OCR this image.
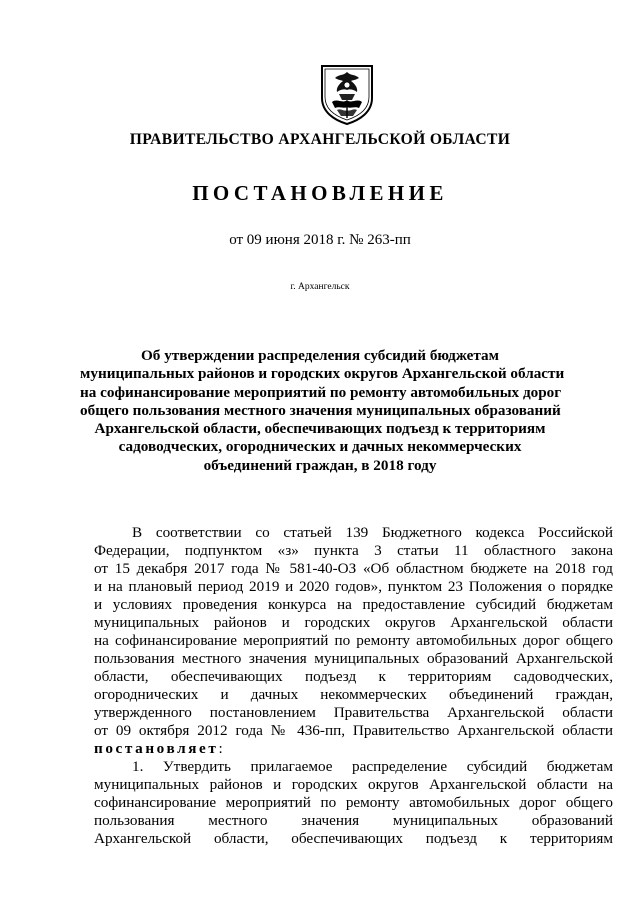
ПРАВИТЕЛЬСТВО АРХАНГЕЛЬСКОЙ ОБЛАСТИ
ПОСТАНОВЛЕНИЕ
от 09 июня 2018 г. № 263-пп
г. Архангельск
Об утверждении распределения субсидий бюджетам
муниципальных районов и городских округов Архангельской области
на софинансирование мероприятий по ремонту автомобильных дорог
общего пользования местного значения муниципальных образований
Архангельской области, обеспечивающих подъезд к территориям
садоводческих, огороднических и дачных некоммерческих
объединений граждан, в 2018 году
В соответствии со статьей 139 Бюджетного кодекса Российской
Федерации, подпунктом «з» пункта 3 статьи 11 областного закона
от 15 декабря 2017 года № 581-40-ОЗ «Об областном бюджете на 2018 год
и на плановый период 2019 и 2020 годов», пунктом 23 Положения о порядке
и условиях проведения конкурса на предоставление субсидий бюджетам
муниципальных районов и городских округов Архангельской области
на софинансирование мероприятий по ремонту автомобильных дорог общего
пользования местного значения муниципальных образований Архангельской
области, обеспечивающих подъезд к территориям садоводческих,
огороднических и дачных некоммерческих объединений граждан,
утвержденного постановлением Правительства Архангельской области
от 09 октября 2012 года № 436-пп, Правительство Архангельской области
постановляет:
1. Утвердить прилагаемое распределение субсидий бюджетам
муниципальных районов и городских округов Архангельской области на
софинансирование мероприятий по ремонту автомобильных дорог общего
пользования местного значения муниципальных образований
Архангельской области, обеспечивающих подъезд к территориям
